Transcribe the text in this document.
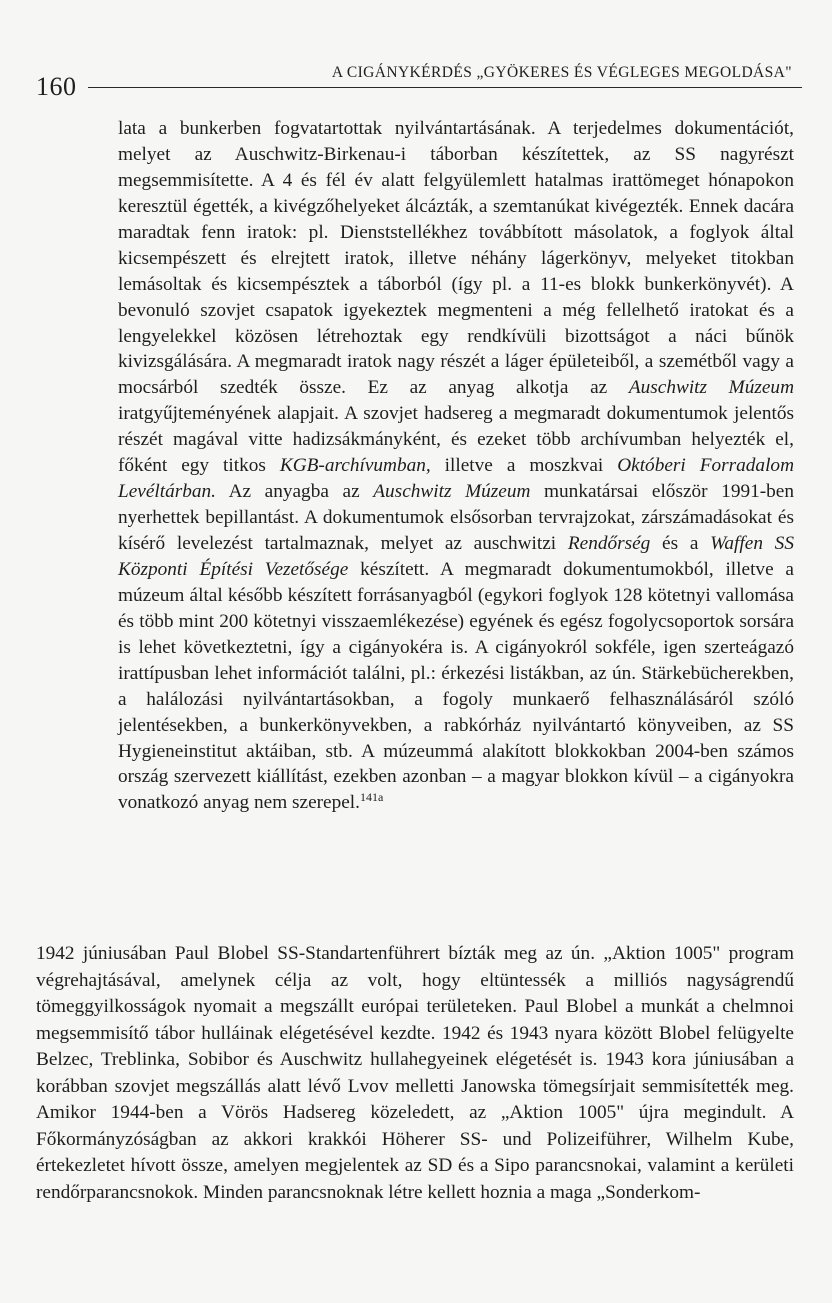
160	A CIGÁNYKÉRDÉS „GYÖKERES ÉS VÉGLEGES MEGOLDÁSA"

lata a bunkerben fogvatartottak nyilvántartásának. A terjedelmes dokumentációt, melyet az Auschwitz-Birkenau-i táborban készítettek, az SS nagyrészt megsemmisítette. A 4 és fél év alatt felgyülemlett hatalmas irattömeget hónapokon keresztül égették, a kivégzőhelyeket álcázták, a szemtanúkat kivégezték. Ennek dacára maradtak fenn iratok: pl. Dienststellékhez továbbított másolatok, a foglyok által kicsempészett és elrejtett iratok, illetve néhány lágerkönyv, melyeket titokban lemásoltak és kicsempésztek a táborból (így pl. a 11-es blokk bunkerkönyvét). A bevonuló szovjet csapatok igyekeztek megmenteni a még fellelhető iratokat és a lengyelekkel közösen létrehoztak egy rendkívüli bizottságot a náci bűnök kivizsgálására. A megmaradt iratok nagy részét a láger épületeiből, a szemétből vagy a mocsárból szedték össze. Ez az anyag alkotja az Auschwitz Múzeum iratgyűjteményének alapjait. A szovjet hadsereg a megmaradt dokumentumok jelentős részét magával vitte hadizsákmányként, és ezeket több archívumban helyezték el, főként egy titkos KGB-archívumban, illetve a moszkvai Októberi Forradalom Levéltárban. Az anyagba az Auschwitz Múzeum munkatársai először 1991-ben nyerhettek bepillantást. A dokumentumok elsősorban tervrajzokat, zárszámadásokat és kísérő levelezést tartalmaznak, melyet az auschwitzi Rendőrség és a Waffen SS Központi Építési Vezetősége készített. A megmaradt dokumentumokból, illetve a múzeum által később készített forrásanyagból (egykori foglyok 128 kötetnyi vallomása és több mint 200 kötetnyi visszaemlékezése) egyének és egész fogolycsoportok sorsára is lehet következtetni, így a cigányokéra is. A cigányokról sokféle, igen szerteágazó irattípusban lehet információt találni, pl.: érkezési listákban, az ún. Stärkebücherekben, a halálozási nyilvántartásokban, a fogoly munkaerő felhasználásáról szóló jelentésekben, a bunkerkönyvekben, a rabkórház nyilvántartó könyveiben, az SS Hygieneinstitut aktáiban, stb. A múzeummá alakított blokkokban 2004-ben számos ország szervezett kiállítást, ezekben azonban – a magyar blokkon kívül – a cigányokra vonatkozó anyag nem szerepel.$^{141a}$

1942 júniusában Paul Blobel SS-Standartenführert bízták meg az ún. „Aktion 1005" program végrehajtásával, amelynek célja az volt, hogy eltüntessék a milliós nagyságrendű tömeggyilkosságok nyomait a megszállt európai területeken. Paul Blobel a munkát a chelmnoi megsemmisítő tábor hulláinak elégetésével kezdte. 1942 és 1943 nyara között Blobel felügyelte Belzec, Treblinka, Sobibor és Auschwitz hullahegyeinek elégetését is. 1943 kora júniusában a korábban szovjet megszállás alatt lévő Lvov melletti Janowska tömegsírjait semmisítették meg. Amikor 1944-ben a Vörös Hadsereg közeledett, az „Aktion 1005" újra megindult. A Főkormányzóságban az akkori krakkói Höherer SS- und Polizeiführer, Wilhelm Kube, értekezletet hívott össze, amelyen megjelentek az SD és a Sipo parancsnokai, valamint a kerületi rendőrparancsnokok. Minden parancsnoknak létre kellett hoznia a maga „Sonderkom-
